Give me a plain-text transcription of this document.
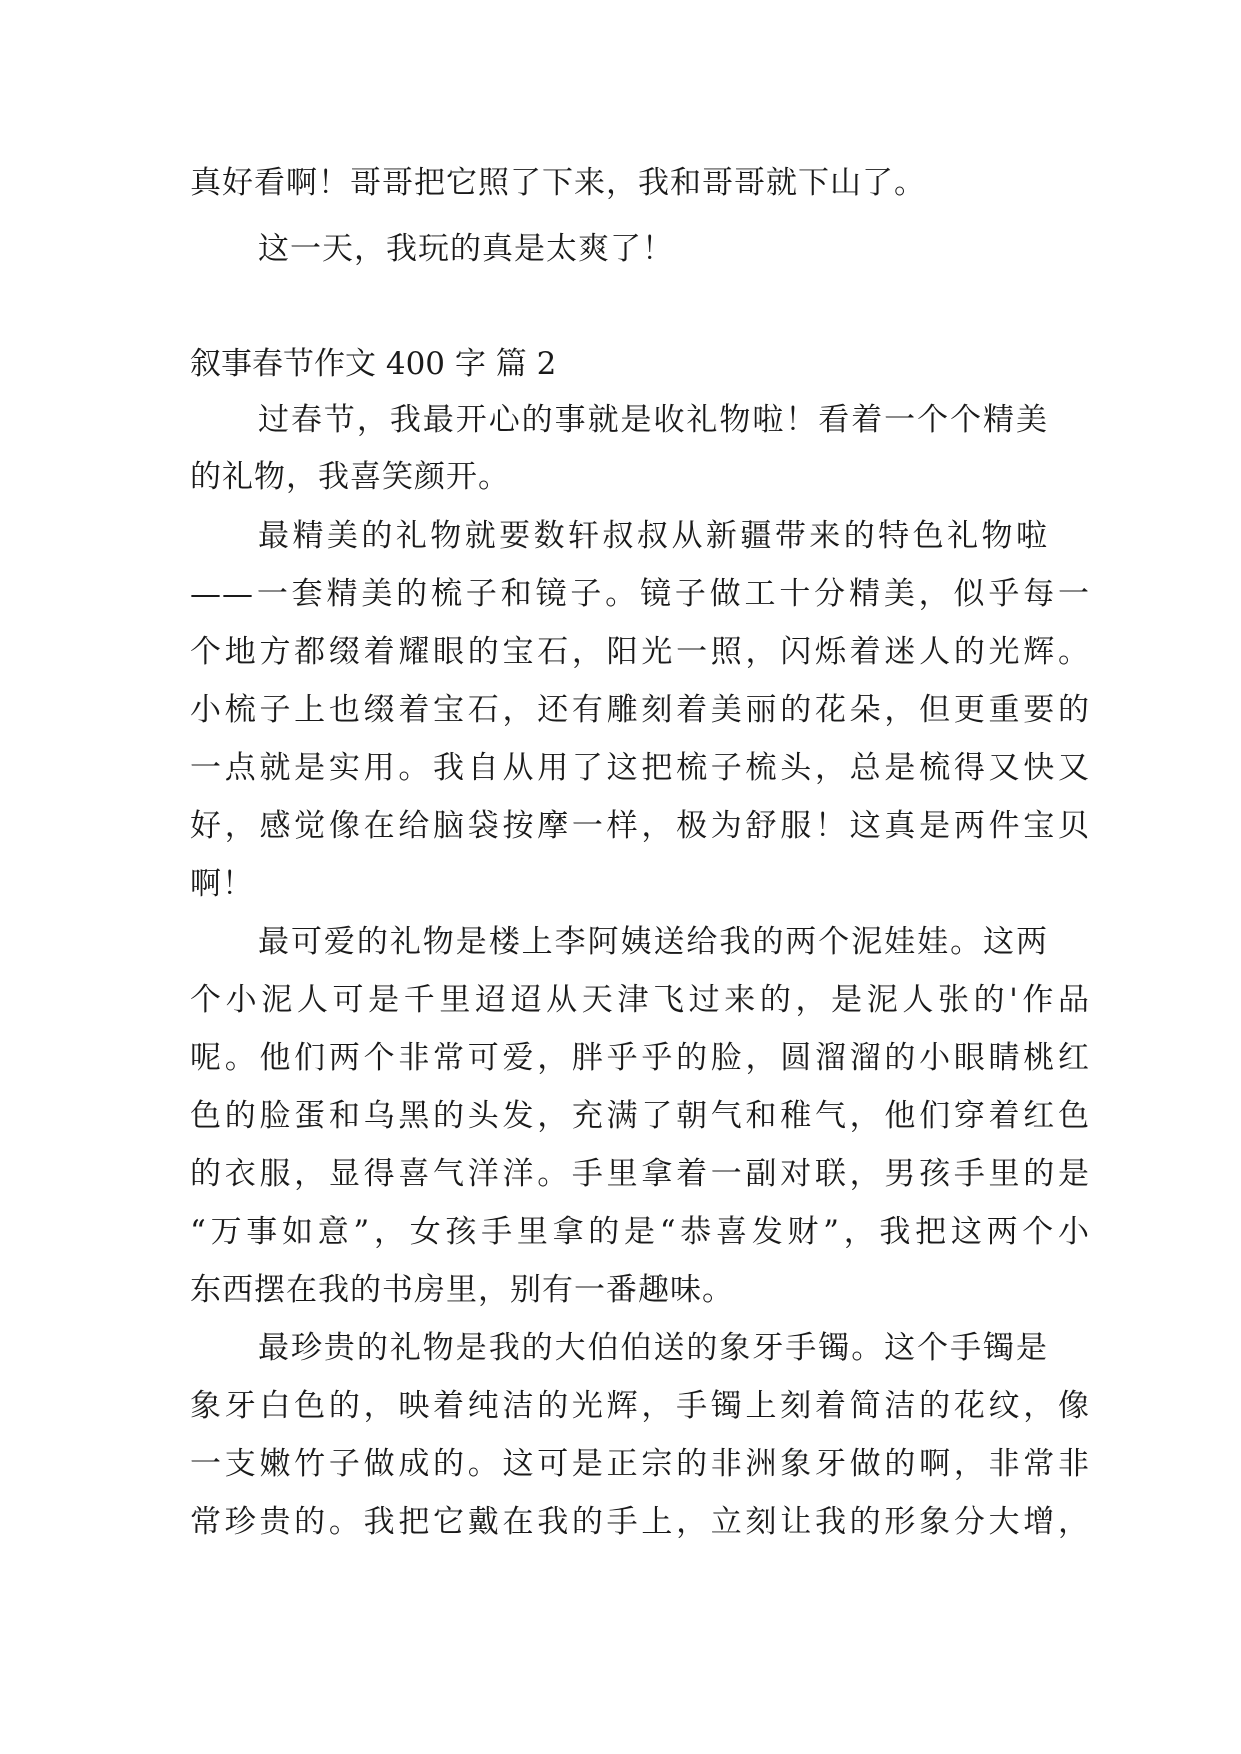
真好看啊！哥哥把它照了下来，我和哥哥就下山了。
这一天，我玩的真是太爽了！
叙事春节作文 400 字 篇 2
过春节，我最开心的事就是收礼物啦！看着一个个精美
的礼物，我喜笑颜开。
最精美的礼物就要数轩叔叔从新疆带来的特色礼物啦
——一套精美的梳子和镜子。镜子做工十分精美，似乎每一
个地方都缀着耀眼的宝石，阳光一照，闪烁着迷人的光辉。
小梳子上也缀着宝石，还有雕刻着美丽的花朵，但更重要的
一点就是实用。我自从用了这把梳子梳头，总是梳得又快又
好，感觉像在给脑袋按摩一样，极为舒服！这真是两件宝贝
啊！
最可爱的礼物是楼上李阿姨送给我的两个泥娃娃。这两
个小泥人可是千里迢迢从天津飞过来的，是泥人张的'作品
呢。他们两个非常可爱，胖乎乎的脸，圆溜溜的小眼睛桃红
色的脸蛋和乌黑的头发，充满了朝气和稚气，他们穿着红色
的衣服，显得喜气洋洋。手里拿着一副对联，男孩手里的是
“万事如意”，女孩手里拿的是“恭喜发财”，我把这两个小
东西摆在我的书房里，别有一番趣味。
最珍贵的礼物是我的大伯伯送的象牙手镯。这个手镯是
象牙白色的，映着纯洁的光辉，手镯上刻着简洁的花纹，像
一支嫩竹子做成的。这可是正宗的非洲象牙做的啊，非常非
常珍贵的。我把它戴在我的手上，立刻让我的形象分大增，
